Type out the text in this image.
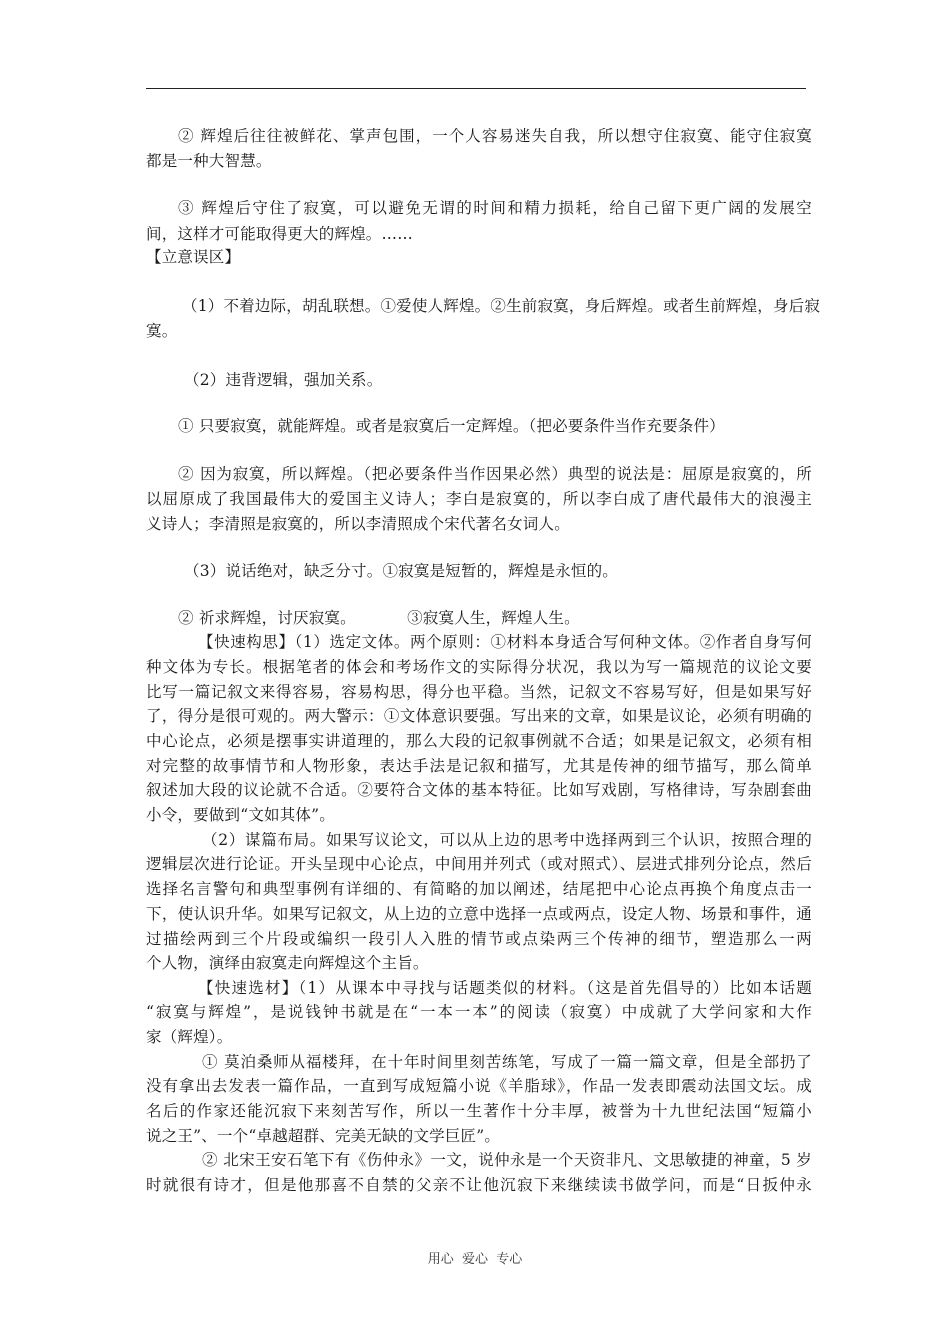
② 辉煌后往往被鲜花、掌声包围，一个人容易迷失自我，所以想守住寂寞、能守住寂寞
都是一种大智慧。
③ 辉煌后守住了寂寞，可以避免无谓的时间和精力损耗，给自己留下更广阔的发展空
间，这样才可能取得更大的辉煌。……
【立意误区】
（1）不着边际，胡乱联想。①爱使人辉煌。②生前寂寞，身后辉煌。或者生前辉煌，身后寂
寞。
（2）违背逻辑，强加关系。
① 只要寂寞，就能辉煌。或者是寂寞后一定辉煌。（把必要条件当作充要条件）
② 因为寂寞，所以辉煌。（把必要条件当作因果必然）典型的说法是：屈原是寂寞的，所
以屈原成了我国最伟大的爱国主义诗人；李白是寂寞的，所以李白成了唐代最伟大的浪漫主
义诗人；李清照是寂寞的，所以李清照成个宋代著名女词人。
（3）说话绝对，缺乏分寸。①寂寞是短暂的，辉煌是永恒的。
② 祈求辉煌，讨厌寂寞。          ③寂寞人生，辉煌人生。
【快速构思】（1）选定文体。两个原则：①材料本身适合写何种文体。②作者自身写何
种文体为专长。根据笔者的体会和考场作文的实际得分状况，我以为写一篇规范的议论文要
比写一篇记叙文来得容易，容易构思，得分也平稳。当然，记叙文不容易写好，但是如果写好
了，得分是很可观的。两大警示：①文体意识要强。写出来的文章，如果是议论，必须有明确的
中心论点，必须是摆事实讲道理的，那么大段的记叙事例就不合适；如果是记叙文，必须有相
对完整的故事情节和人物形象，表达手法是记叙和描写，尤其是传神的细节描写，那么简单
叙述加大段的议论就不合适。②要符合文体的基本特征。比如写戏剧，写格律诗，写杂剧套曲
小令，要做到“文如其体”。
（2）谋篇布局。如果写议论文，可以从上边的思考中选择两到三个认识，按照合理的
逻辑层次进行论证。开头呈现中心论点，中间用并列式（或对照式）、层进式排列分论点，然后
选择名言警句和典型事例有详细的、有简略的加以阐述，结尾把中心论点再换个角度点击一
下，使认识升华。如果写记叙文，从上边的立意中选择一点或两点，设定人物、场景和事件，通
过描绘两到三个片段或编织一段引人入胜的情节或点染两三个传神的细节，塑造那么一两
个人物，演绎由寂寞走向辉煌这个主旨。
【快速选材】（1）从课本中寻找与话题类似的材料。（这是首先倡导的）比如本话题
“寂寞与辉煌”，是说钱钟书就是在“一本一本”的阅读（寂寞）中成就了大学问家和大作
家（辉煌）。
① 莫泊桑师从福楼拜，在十年时间里刻苦练笔，写成了一篇一篇文章，但是全部扔了
没有拿出去发表一篇作品，一直到写成短篇小说《羊脂球》，作品一发表即震动法国文坛。成
名后的作家还能沉寂下来刻苦写作，所以一生著作十分丰厚，被誉为十九世纪法国“短篇小
说之王”、一个“卓越超群、完美无缺的文学巨匠”。
② 北宋王安石笔下有《伤仲永》一文，说仲永是一个天资非凡、文思敏捷的神童，5 岁
时就很有诗才，但是他那喜不自禁的父亲不让他沉寂下来继续读书做学问，而是“日扳仲永
用心  爱心  专心
